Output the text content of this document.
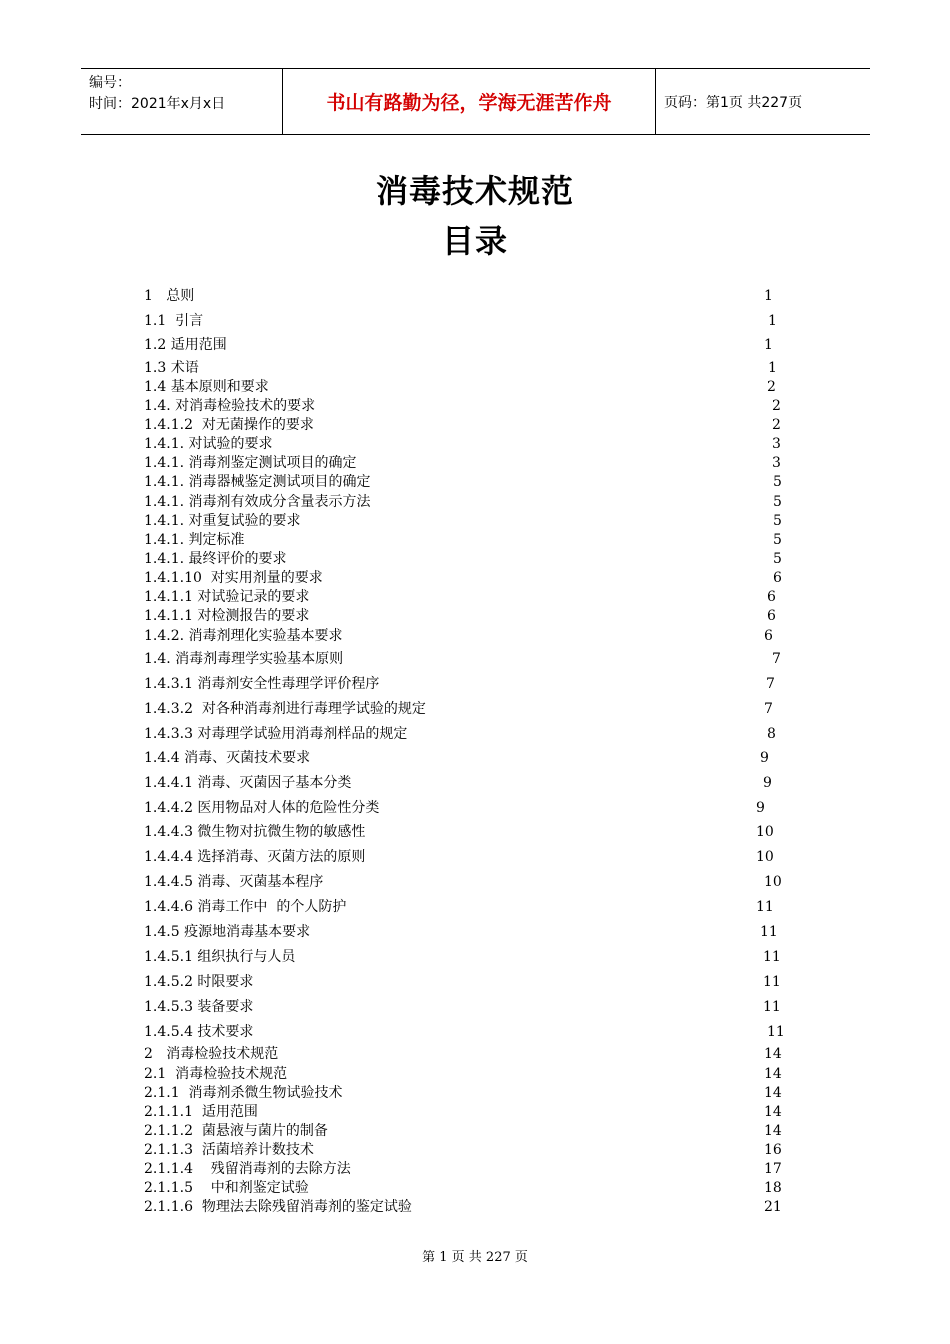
编号：
时间：2021年x月x日	书山有路勤为径，学海无涯苦作舟	页码：第1页 共227页
消毒技术规范
目录
1   总则	1
1.1  引言	1
1.2 适用范围	1
1.3 术语	1
1.4 基本原则和要求	2
1.4. 对消毒检验技术的要求	2
1.4.1.2  对无菌操作的要求	2
1.4.1. 对试验的要求	3
1.4.1. 消毒剂鉴定测试项目的确定	3
1.4.1. 消毒器械鉴定测试项目的确定	5
1.4.1. 消毒剂有效成分含量表示方法	5
1.4.1. 对重复试验的要求	5
1.4.1. 判定标准	5
1.4.1. 最终评价的要求	5
1.4.1.10  对实用剂量的要求	6
1.4.1.1 对试验记录的要求	6
1.4.1.1 对检测报告的要求	6
1.4.2. 消毒剂理化实验基本要求	6
1.4. 消毒剂毒理学实验基本原则	7
1.4.3.1 消毒剂安全性毒理学评价程序	7
1.4.3.2  对各种消毒剂进行毒理学试验的规定	7
1.4.3.3 对毒理学试验用消毒剂样品的规定	8
1.4.4 消毒、灭菌技术要求	9
1.4.4.1 消毒、灭菌因子基本分类	9
1.4.4.2 医用物品对人体的危险性分类	9
1.4.4.3 微生物对抗微生物的敏感性	10
1.4.4.4 选择消毒、灭菌方法的原则	10
1.4.4.5 消毒、灭菌基本程序	10
1.4.4.6 消毒工作中  的个人防护	11
1.4.5 疫源地消毒基本要求	11
1.4.5.1 组织执行与人员	11
1.4.5.2 时限要求	11
1.4.5.3 装备要求	11
1.4.5.4 技术要求	11
2   消毒检验技术规范	14
2.1  消毒检验技术规范	14
2.1.1  消毒剂杀微生物试验技术	14
2.1.1.1  适用范围	14
2.1.1.2  菌悬液与菌片的制备	14
2.1.1.3  活菌培养计数技术	16
2.1.1.4    残留消毒剂的去除方法	17
2.1.1.5    中和剂鉴定试验	18
2.1.1.6  物理法去除残留消毒剂的鉴定试验	21
第 1 页 共 227 页
